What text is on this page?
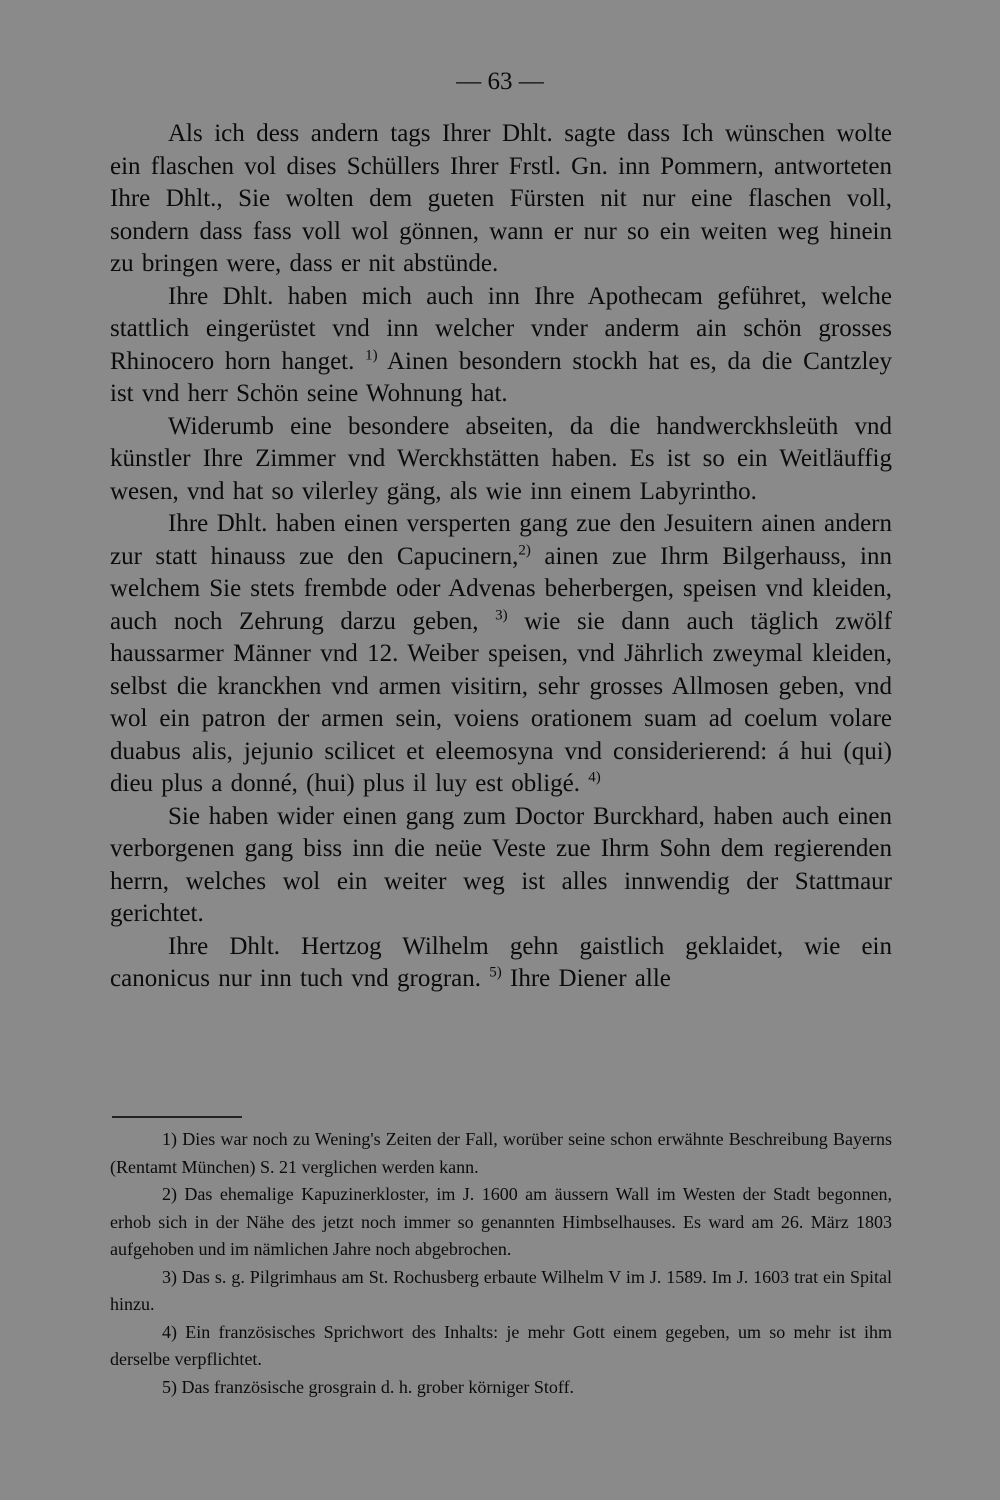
— 63 —

Als ich dess andern tags Ihrer Dhlt. sagte dass Ich wünschen wolte ein flaschen vol dises Schüllers Ihrer Frstl. Gn. inn Pommern, antworteten Ihre Dhlt., Sie wolten dem gueten Fürsten nit nur eine flaschen voll, sondern dass fass voll wol gönnen, wann er nur so ein weiten weg hinein zu bringen were, dass er nit abstünde.

Ihre Dhlt. haben mich auch inn Ihre Apothecam geführet, welche stattlich eingerüstet vnd inn welcher vnder anderm ain schön grosses Rhinocero horn hanget. $^{1)}$ Ainen besondern stockh hat es, da die Cantzley ist vnd herr Schön seine Wohnung hat.

Widerumb eine besondere abseiten, da die handwerckhsleüth vnd künstler Ihre Zimmer vnd Werckhstätten haben. Es ist so ein Weitläuffig wesen, vnd hat so vilerley gäng, als wie inn einem Labyrintho.

Ihre Dhlt. haben einen versperten gang zue den Jesuitern ainen andern zur statt hinauss zue den Capucinern,$^{2)}$ ainen zue Ihrm Bilgerhauss, inn welchem Sie stets frembde oder Advenas beherbergen, speisen vnd kleiden, auch noch Zehrung darzu geben, $^{3)}$ wie sie dann auch täglich zwölf haussarmer Männer vnd 12. Weiber speisen, vnd Jährlich zweymal kleiden, selbst die kranckhen vnd armen visitirn, sehr grosses Allmosen geben, vnd wol ein patron der armen sein, voiens orationem suam ad coelum volare duabus alis, jejunio scilicet et eleemosyna vnd considerierend: á hui (qui) dieu plus a donné, (hui) plus il luy est obligé. $^{4)}$

Sie haben wider einen gang zum Doctor Burckhard, haben auch einen verborgenen gang biss inn die neüe Veste zue Ihrm Sohn dem regierenden herrn, welches wol ein weiter weg ist alles innwendig der Stattmaur gerichtet.

Ihre Dhlt. Hertzog Wilhelm gehn gaistlich geklaidet, wie ein canonicus nur inn tuch vnd grogran. $^{5)}$ Ihre Diener alle

1) Dies war noch zu Wening's Zeiten der Fall, worüber seine schon erwähnte Beschreibung Bayerns (Rentamt München) S. 21 verglichen werden kann.

2) Das ehemalige Kapuzinerkloster, im J. 1600 am äussern Wall im Westen der Stadt begonnen, erhob sich in der Nähe des jetzt noch immer so genannten Himbselhauses. Es ward am 26. März 1803 aufgehoben und im nämlichen Jahre noch abgebrochen.

3) Das s. g. Pilgrimhaus am St. Rochusberg erbaute Wilhelm V im J. 1589. Im J. 1603 trat ein Spital hinzu.

4) Ein französisches Sprichwort des Inhalts: je mehr Gott einem gegeben, um so mehr ist ihm derselbe verpflichtet.

5) Das französische grosgrain d. h. grober körniger Stoff.
